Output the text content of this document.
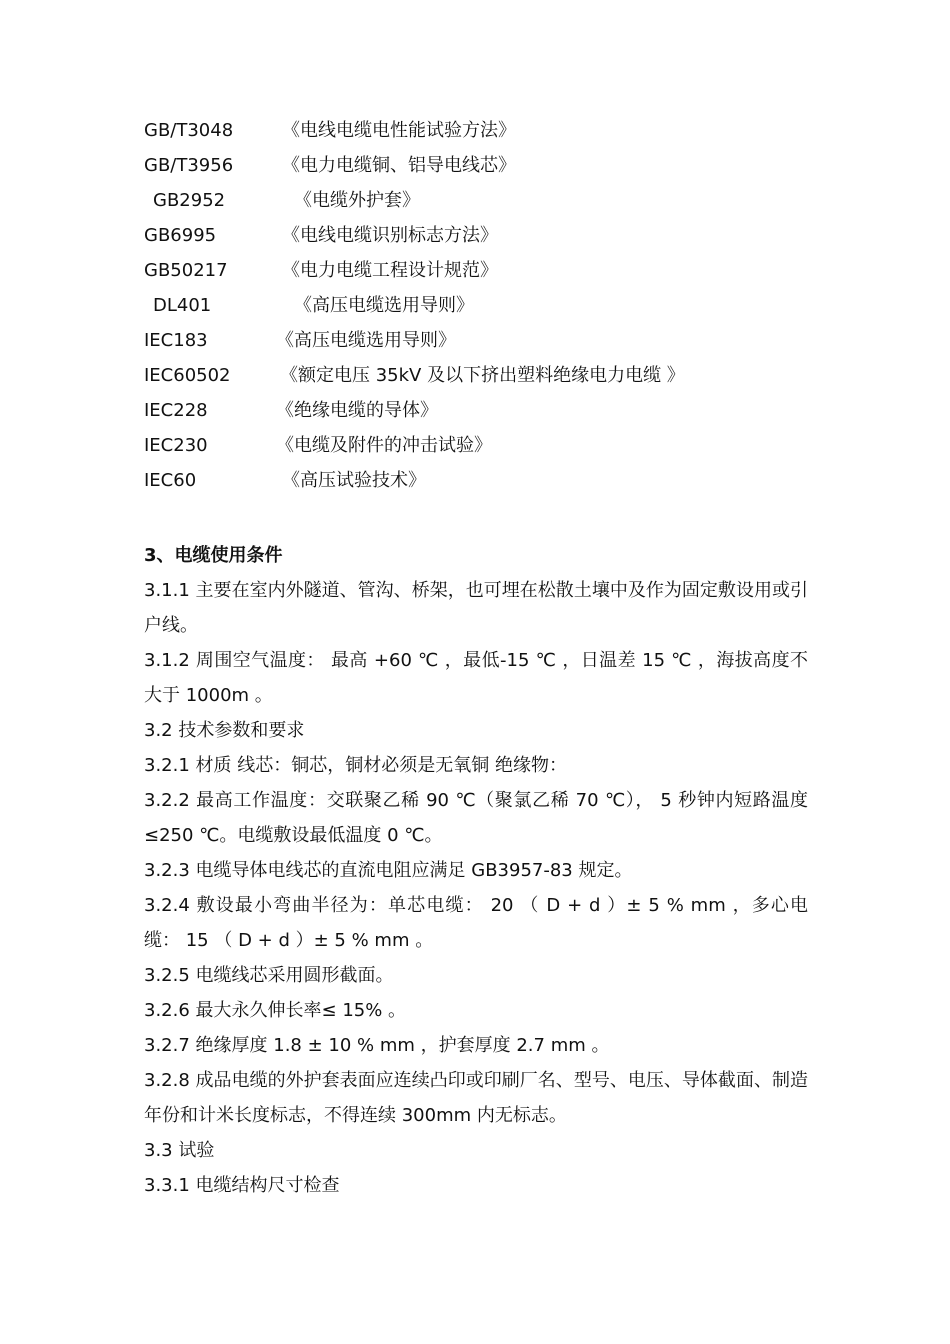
GB/T3048	《电线电缆电性能试验方法》
GB/T3956	《电力电缆铜、铝导电线芯》
GB2952	《电缆外护套》
GB6995	《电线电缆识别标志方法》
GB50217	《电力电缆工程设计规范》
DL401	《高压电缆选用导则》
IEC183	《高压电缆选用导则》
IEC60502	《额定电压 35kV 及以下挤出塑料绝缘电力电缆 》
IEC228	《绝缘电缆的导体》
IEC230	《电缆及附件的冲击试验》
IEC60	《高压试验技术》
3、电缆使用条件

3.1.1 主要在室内外隧道、管沟、桥架，也可埋在松散土壤中及作为固定敷设用或引户线。

3.1.2 周围空气温度： 最高 +60 ℃ ，最低-15 ℃ ，日温差 15 ℃ ，海拔高度不大于 1000m 。

3.2 技术参数和要求

3.2.1 材质 线芯：铜芯，铜材必须是无氧铜 绝缘物：

3.2.2 最高工作温度：交联聚乙稀 90 ℃（聚氯乙稀 70 ℃）， 5 秒钟内短路温度≤250 ℃。电缆敷设最低温度 0 ℃。

3.2.3 电缆导体电线芯的直流电阻应满足 GB3957-83 规定。

3.2.4 敷设最小弯曲半径为：单芯电缆： 20 （ D + d ）± 5 % mm ，多心电缆： 15 （ D + d ）± 5 % mm 。

3.2.5 电缆线芯采用圆形截面。

3.2.6 最大永久伸长率≤ 15% 。

3.2.7 绝缘厚度 1.8 ± 10 % mm ，护套厚度 2.7 mm 。

3.2.8 成品电缆的外护套表面应连续凸印或印刷厂名、型号、电压、导体截面、制造年份和计米长度标志，不得连续 300mm 内无标志。

3.3 试验

3.3.1 电缆结构尺寸检查
